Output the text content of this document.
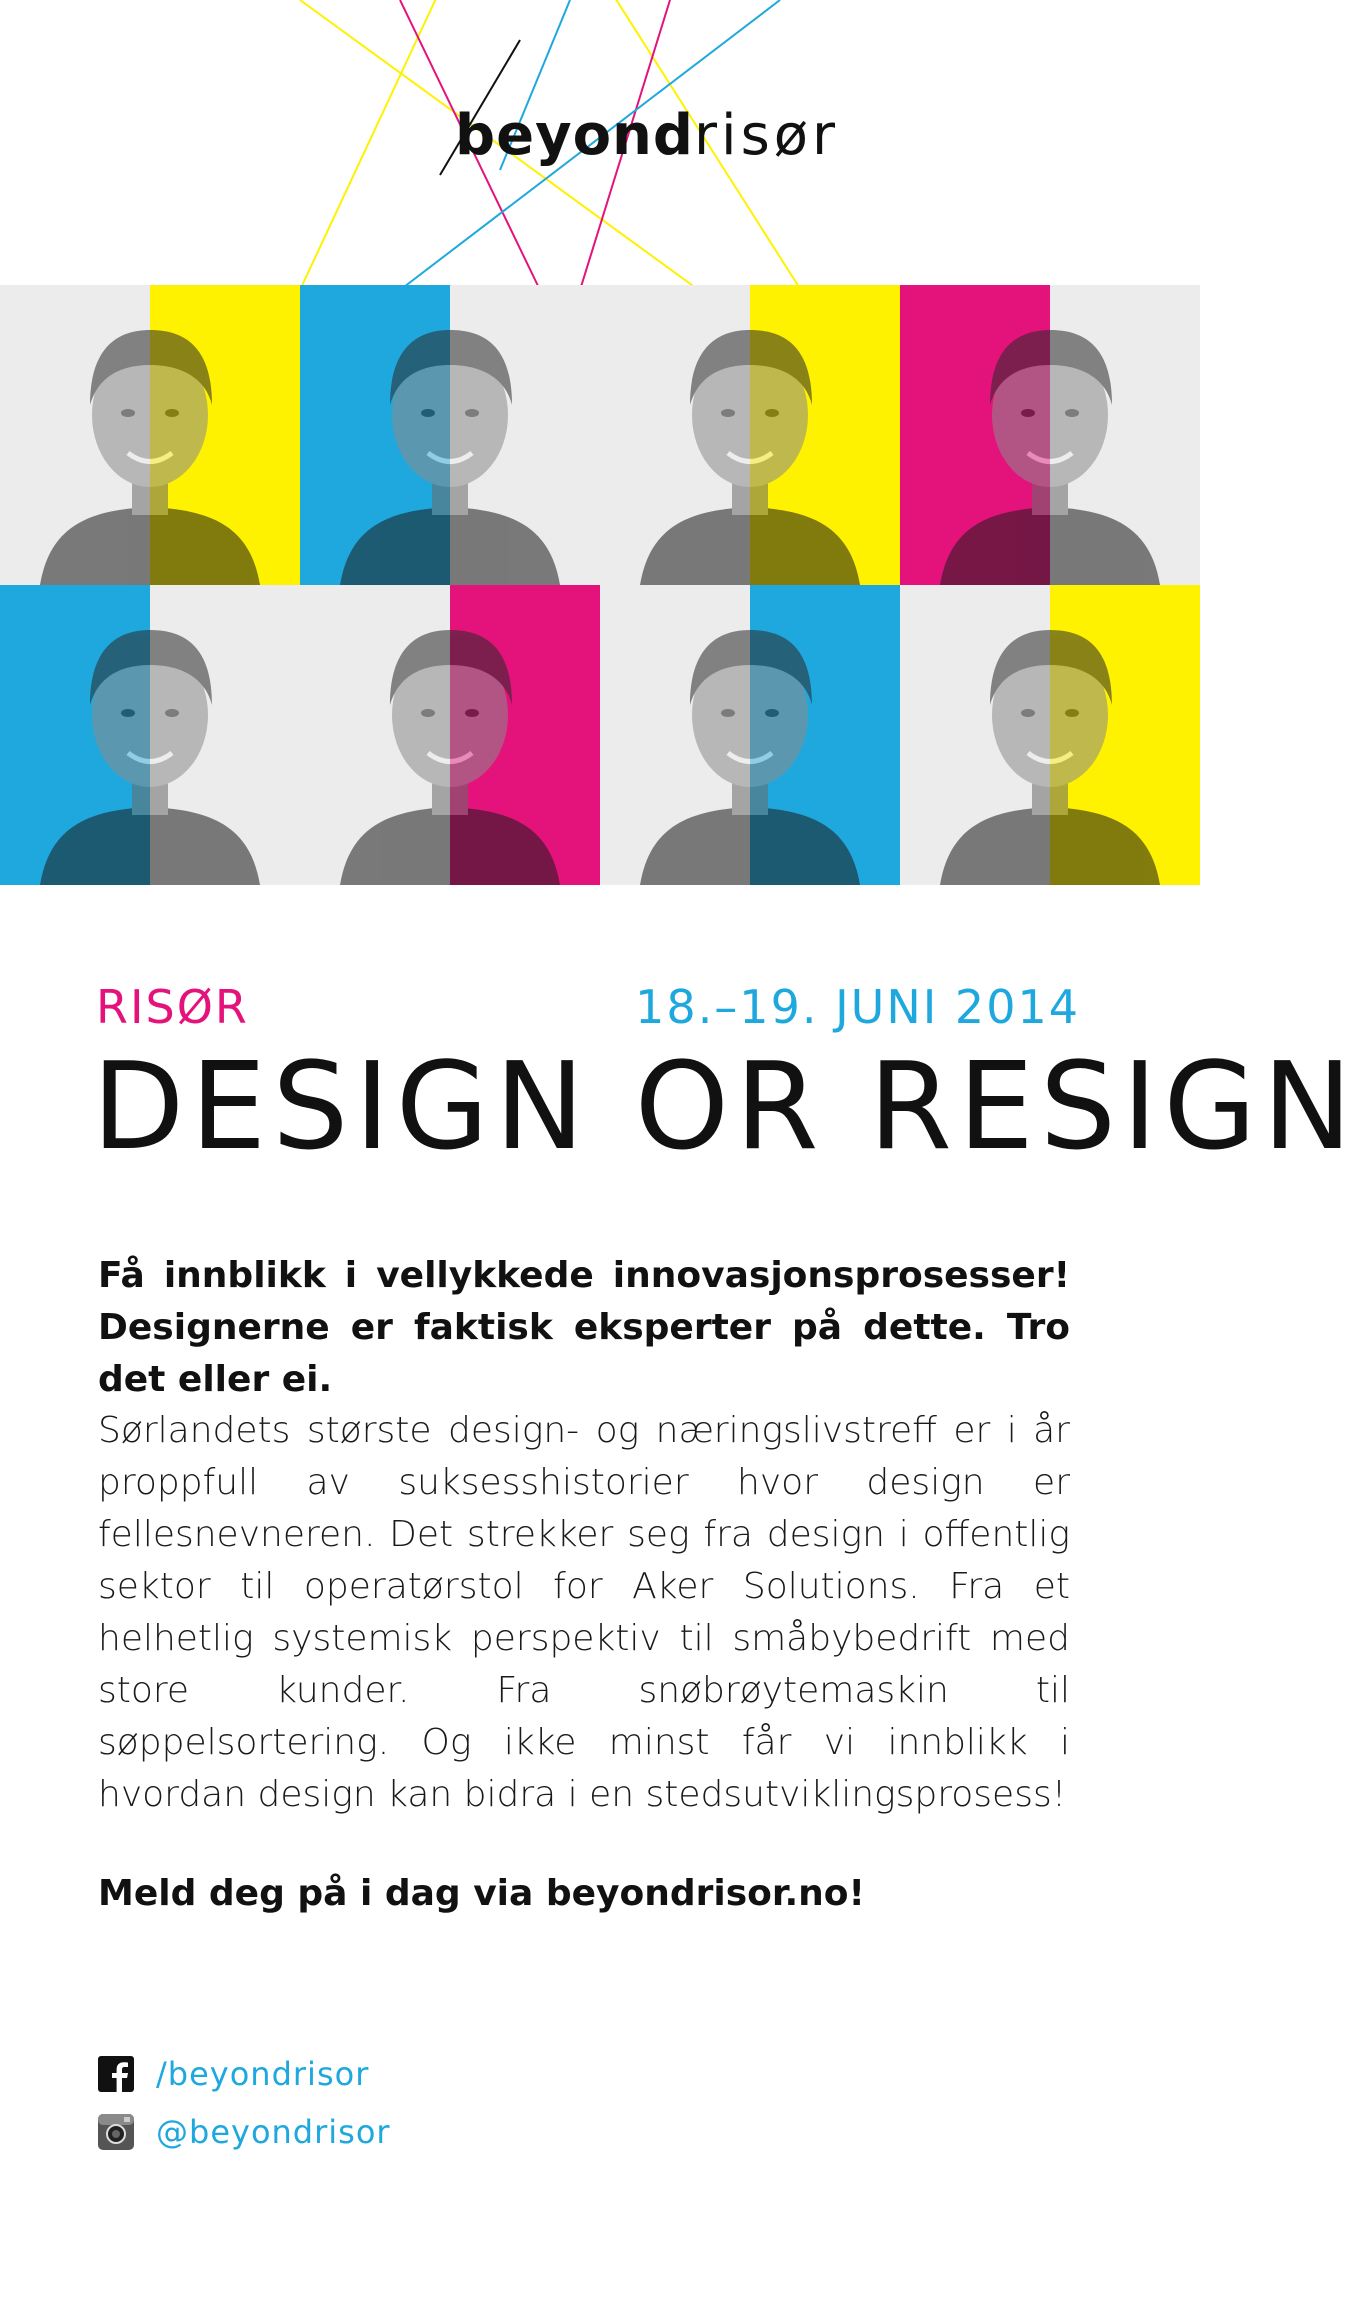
beyondrisør
RISØR	18.–19. JUNI 2014
DESIGN OR RESIGN
Få innblikk i vellykkede innovasjonsprosesser! Designerne er faktisk eksperter på dette. Tro det eller ei.
Sørlandets største design- og næringslivstreff er i år proppfull av suksesshistorier hvor design er fellesnevneren. Det strekker seg fra design i offentlig sektor til operatørstol for Aker Solutions. Fra et helhetlig systemisk perspektiv til småbybedrift med store kunder. Fra snøbrøytemaskin til søppelsortering. Og ikke minst får vi innblikk i hvordan design kan bidra i en stedsutviklingsprosess!
Meld deg på i dag via beyondrisor.no!
/beyondrisor
@beyondrisor
